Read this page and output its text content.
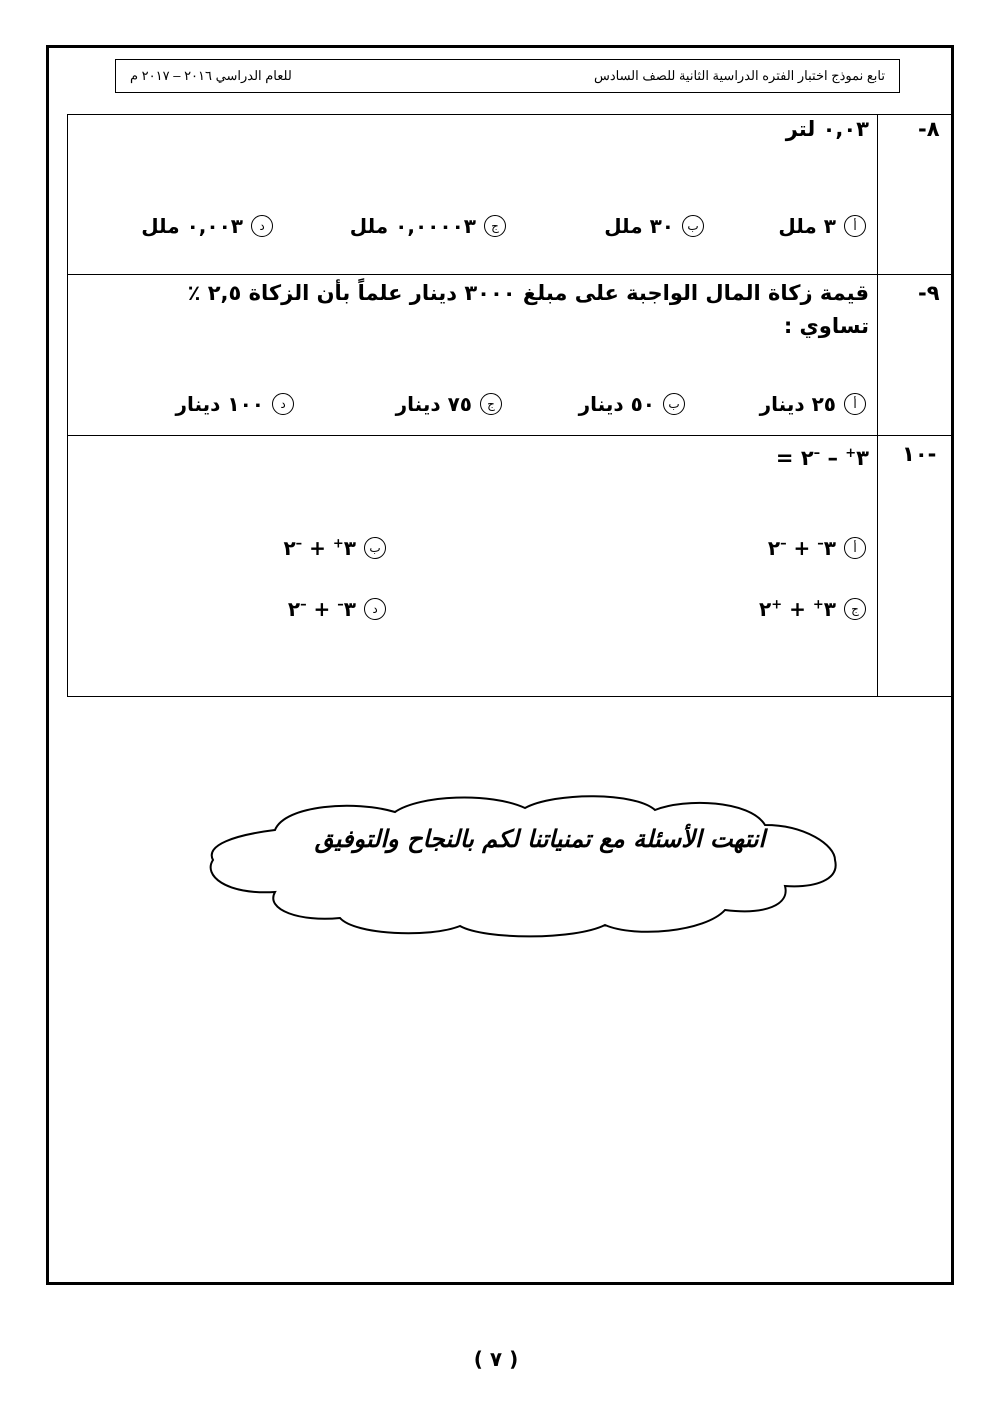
تابع نموذج اختبار الفتره الدراسية الثانية للصف السادس
للعام الدراسي ٢٠١٦ – ٢٠١٧ م
٨-
٠,٠٣ لتر
أ
٣ ملل
ب
٣٠ ملل
ج
٠,٠٠٠٠٣ ملل
د
٠,٠٠٣ ملل
٩-
قيمة زكاة المال الواجبة على مبلغ ٣٠٠٠ دينار علماً بأن الزكاة ٢,٥ ٪
تساوي :
أ
٢٥ دينار
ب
٥٠ دينار
ج
٧٥ دينار
د
١٠٠ دينار
-١٠
٣+ – –٢ =
أ
٣– + –٢
ب
٣+ + –٢
ج
٣+ + +٢
د
٣– + –٢
انتهت الأسئلة مع تمنياتنا لكم بالنجاح والتوفيق
( ٧ )
